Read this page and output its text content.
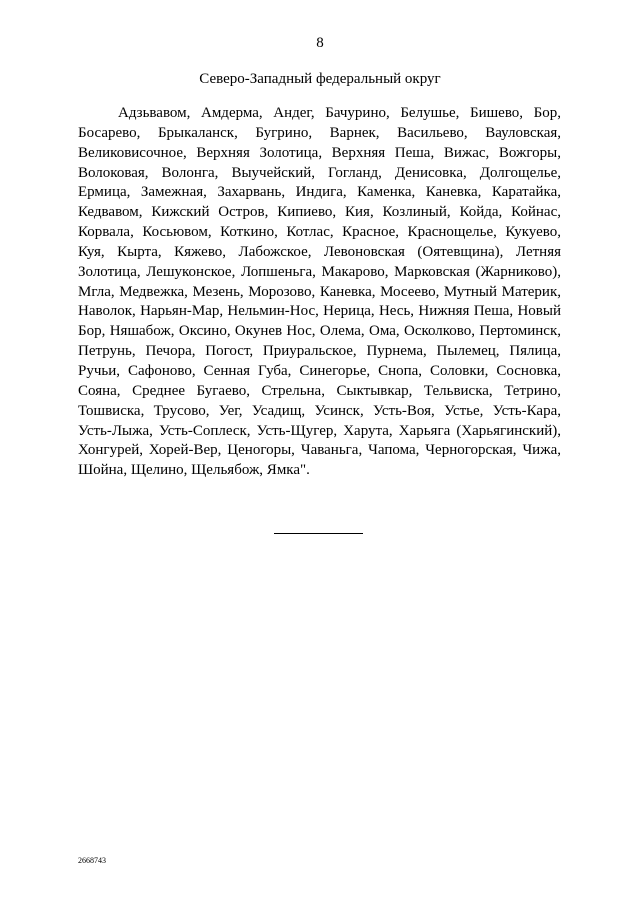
8
Северо-Западный федеральный округ
Адзьвавом, Амдерма, Андег, Бачурино, Белушье, Бишево, Бор,
Босарево, Брыкаланск, Бугрино, Варнек, Васильево, Вауловская,
Великовисочное, Верхняя Золотица, Верхняя Пеша, Вижас, Вожгоры,
Волоковая, Волонга, Выучейский, Гогланд, Денисовка, Долгощелье,
Ермица, Замежная, Захарвань, Индига, Каменка, Каневка, Каратайка,
Кедвавом, Кижский Остров, Кипиево, Кия, Козлиный, Койда, Койнас,
Корвала, Косьювом, Коткино, Котлас, Красное, Краснощелье, Кукуево,
Куя, Кырта, Кяжево, Лабожское, Левоновская (Оятевщина), Летняя
Золотица, Лешуконское, Лопшеньга, Макарово, Марковская (Жарниково),
Мгла, Медвежка, Мезень, Морозово, Каневка, Мосеево, Мутный Материк,
Наволок, Нарьян-Мар, Нельмин-Нос, Нерица, Несь, Нижняя Пеша, Новый
Бор, Няшабож, Оксино, Окунев Нос, Олема, Ома, Осколково, Пертоминск,
Петрунь, Печора, Погост, Приуральское, Пурнема, Пылемец, Пялица,
Ручьи, Сафоново, Сенная Губа, Синегорье, Снопа, Соловки, Сосновка,
Сояна, Среднее Бугаево, Стрельна, Сыктывкар, Тельвиска, Тетрино,
Тошвиска, Трусово, Уег, Усадищ, Усинск, Усть-Воя, Устье, Усть-Кара,
Усть-Лыжа, Усть-Соплеск, Усть-Щугер, Харута, Харьяга (Харьягинский),
Хонгурей, Хорей-Вер, Ценогоры, Чаваньга, Чапома, Черногорская, Чижа,
Шойна, Щелино, Щельябож, Ямка".
2668743
